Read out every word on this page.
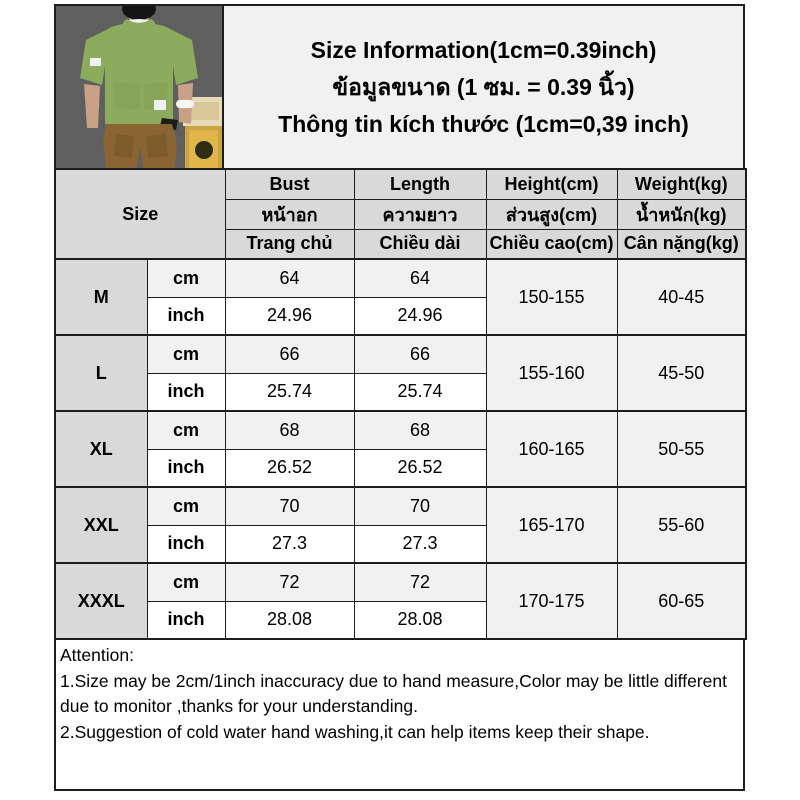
Size Information(1cm=0.39inch)
ข้อมูลขนาด (1 ซม. = 0.39 นิ้ว)
Thông tin kích thước (1cm=0,39 inch)
Size		Bust	Length	Height(cm)	Weight(kg)
		หน้าอก	ความยาว	ส่วนสูง(cm)	น้ำหนัก(kg)
		Trang chủ	Chiều dài	Chiều cao(cm)	Cân nặng(kg)
M	cm	64	64	150-155	40-45
	inch	24.96	24.96		
L	cm	66	66	155-160	45-50
	inch	25.74	25.74		
XL	cm	68	68	160-165	50-55
	inch	26.52	26.52		
XXL	cm	70	70	165-170	55-60
	inch	27.3	27.3		
XXXL	cm	72	72	170-175	60-65
	inch	28.08	28.08		
Attention:
1.Size may be 2cm/1inch inaccuracy due to hand measure,Color may be little different due to monitor ,thanks for your understanding.
2.Suggestion of cold water hand washing,it can help items keep their shape.
